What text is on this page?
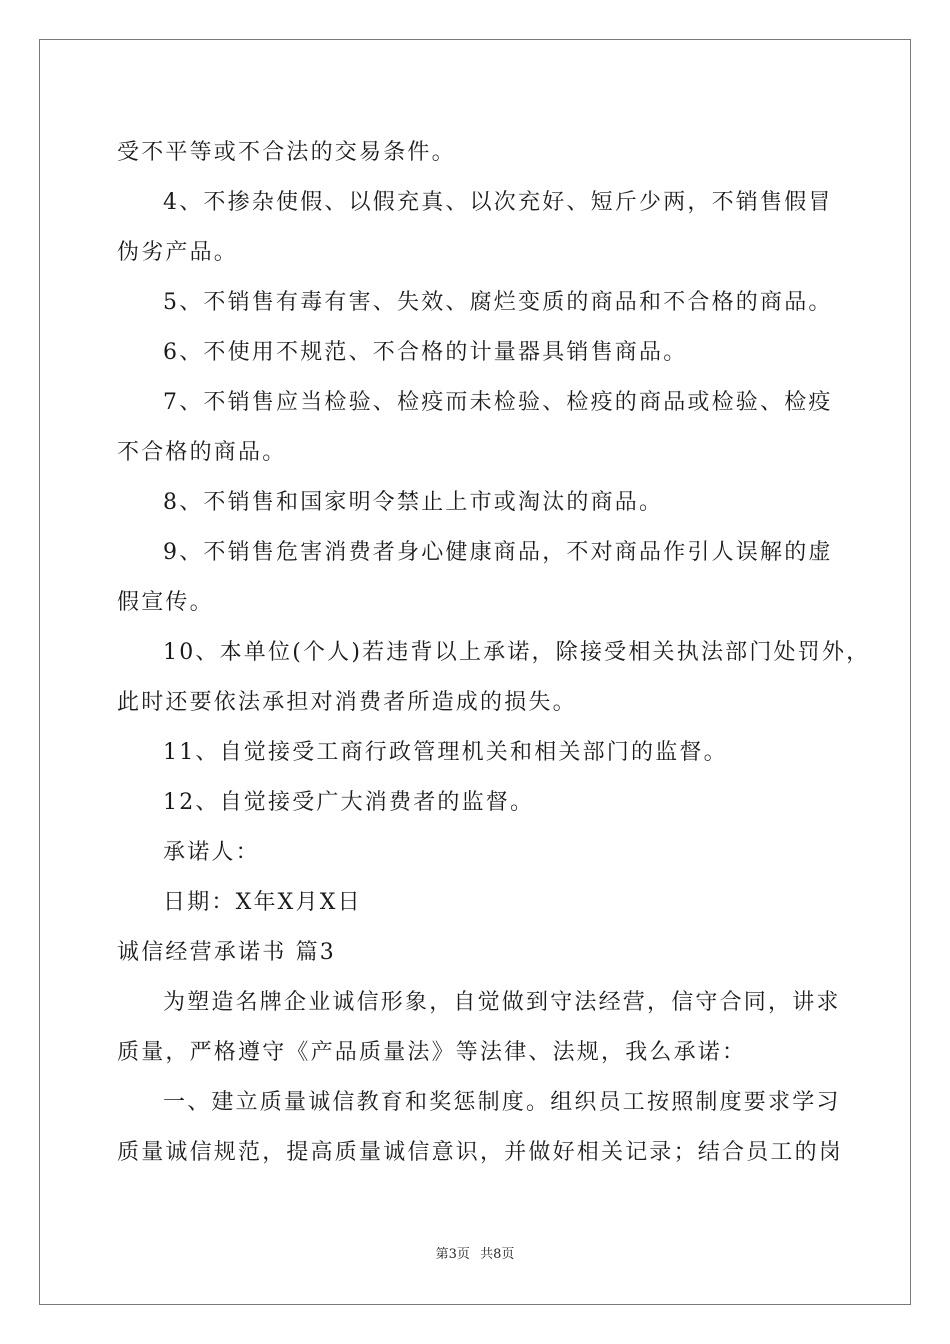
受不平等或不合法的交易条件。
4、不掺杂使假、以假充真、以次充好、短斤少两，不销售假冒
伪劣产品。
5、不销售有毒有害、失效、腐烂变质的商品和不合格的商品。
6、不使用不规范、不合格的计量器具销售商品。
7、不销售应当检验、检疫而未检验、检疫的商品或检验、检疫
不合格的商品。
8、不销售和国家明令禁止上市或淘汰的商品。
9、不销售危害消费者身心健康商品，不对商品作引人误解的虚
假宣传。
10、本单位(个人)若违背以上承诺，除接受相关执法部门处罚外，
此时还要依法承担对消费者所造成的损失。
11、自觉接受工商行政管理机关和相关部门的监督。
12、自觉接受广大消费者的监督。
承诺人：
日期：X年X月X日
诚信经营承诺书 篇3
为塑造名牌企业诚信形象，自觉做到守法经营，信守合同，讲求
质量，严格遵守《产品质量法》等法律、法规，我么承诺：
一、建立质量诚信教育和奖惩制度。组织员工按照制度要求学习
质量诚信规范，提高质量诚信意识，并做好相关记录；结合员工的岗
第3页 共8页
